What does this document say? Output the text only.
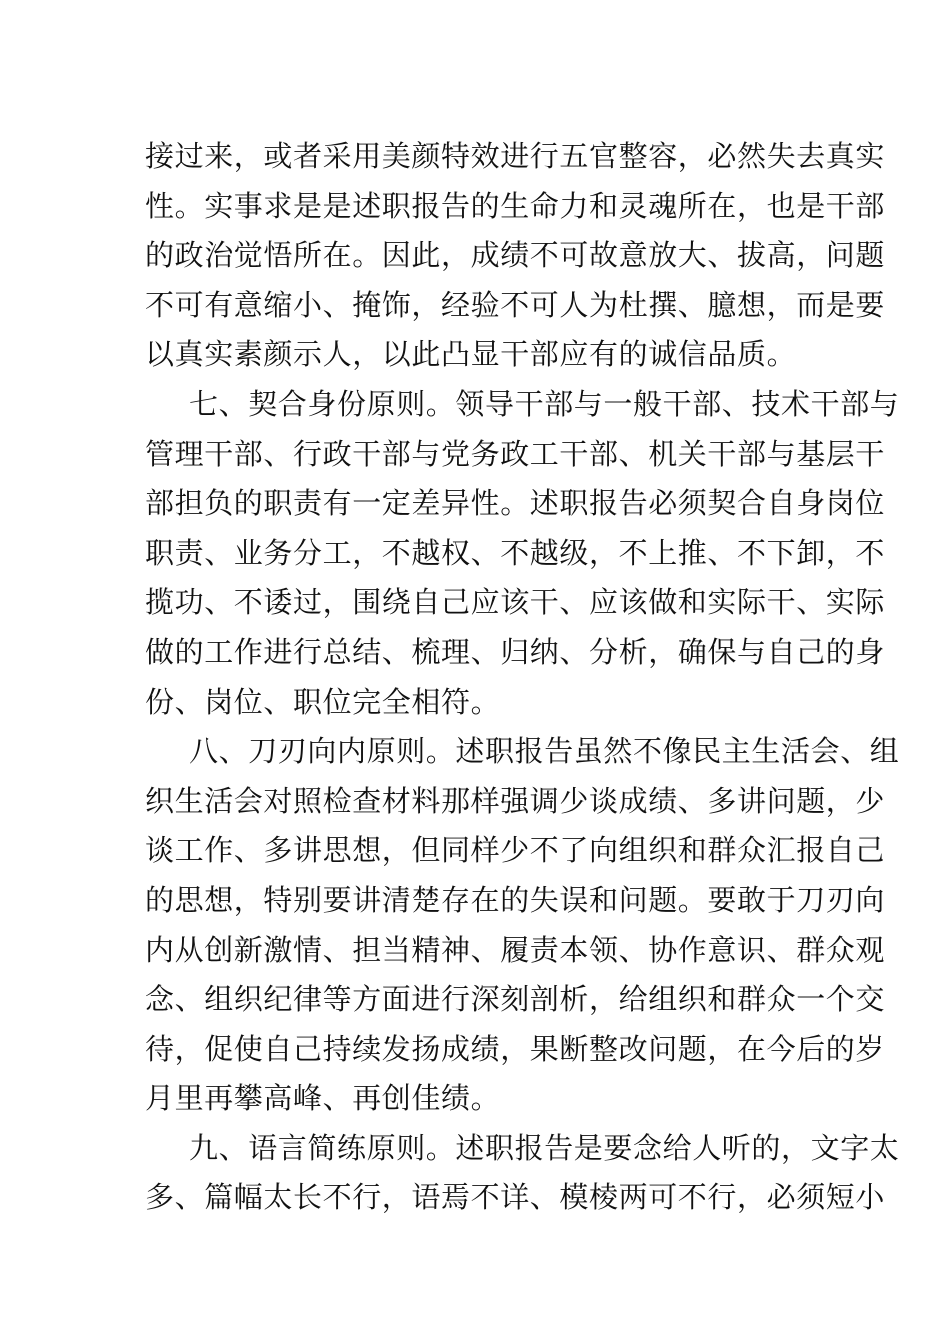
接过来，或者采用美颜特效进行五官整容，必然失去真实
性。实事求是是述职报告的生命力和灵魂所在，也是干部
的政治觉悟所在。因此，成绩不可故意放大、拔高，问题
不可有意缩小、掩饰，经验不可人为杜撰、臆想，而是要
以真实素颜示人，以此凸显干部应有的诚信品质。
七、契合身份原则。领导干部与一般干部、技术干部与
管理干部、行政干部与党务政工干部、机关干部与基层干
部担负的职责有一定差异性。述职报告必须契合自身岗位
职责、业务分工，不越权、不越级，不上推、不下卸，不
揽功、不诿过，围绕自己应该干、应该做和实际干、实际
做的工作进行总结、梳理、归纳、分析，确保与自己的身
份、岗位、职位完全相符。
八、刀刃向内原则。述职报告虽然不像民主生活会、组
织生活会对照检查材料那样强调少谈成绩、多讲问题，少
谈工作、多讲思想，但同样少不了向组织和群众汇报自己
的思想，特别要讲清楚存在的失误和问题。要敢于刀刃向
内从创新激情、担当精神、履责本领、协作意识、群众观
念、组织纪律等方面进行深刻剖析，给组织和群众一个交
待，促使自己持续发扬成绩，果断整改问题，在今后的岁
月里再攀高峰、再创佳绩。
九、语言简练原则。述职报告是要念给人听的，文字太
多、篇幅太长不行，语焉不详、模棱两可不行，必须短小
